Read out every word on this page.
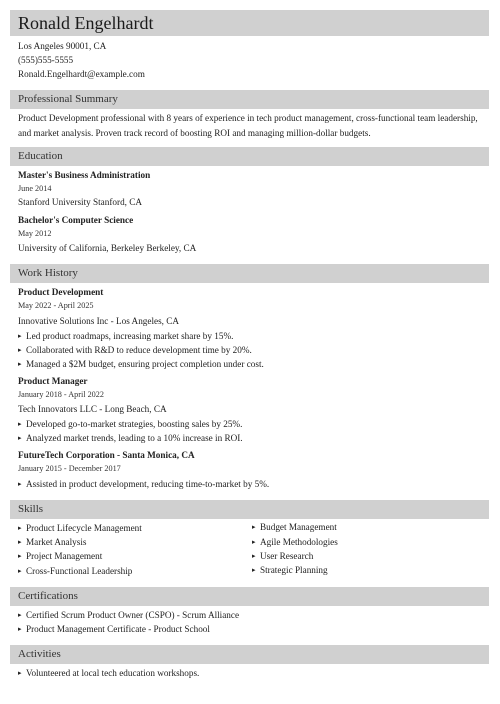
Ronald Engelhardt
Los Angeles 90001, CA
(555)555-5555
Ronald.Engelhardt@example.com
Professional Summary
Product Development professional with 8 years of experience in tech product management, cross-functional team leadership, and market analysis. Proven track record of boosting ROI and managing million-dollar budgets.
Education
Master's Business Administration
June 2014
Stanford University Stanford, CA
Bachelor's Computer Science
May 2012
University of California, Berkeley Berkeley, CA
Work History
Product Development
May 2022 - April 2025
Innovative Solutions Inc - Los Angeles, CA
▸ Led product roadmaps, increasing market share by 15%.
▸ Collaborated with R&D to reduce development time by 20%.
▸ Managed a $2M budget, ensuring project completion under cost.
Product Manager
January 2018 - April 2022
Tech Innovators LLC - Long Beach, CA
▸ Developed go-to-market strategies, boosting sales by 25%.
▸ Analyzed market trends, leading to a 10% increase in ROI.
FutureTech Corporation - Santa Monica, CA
January 2015 - December 2017
▸ Assisted in product development, reducing time-to-market by 5%.
Skills
▸ Product Lifecycle Management
▸ Market Analysis
▸ Project Management
▸ Cross-Functional Leadership
▸ Budget Management
▸ Agile Methodologies
▸ User Research
▸ Strategic Planning
Certifications
▸ Certified Scrum Product Owner (CSPO) - Scrum Alliance
▸ Product Management Certificate - Product School
Activities
▸ Volunteered at local tech education workshops.
